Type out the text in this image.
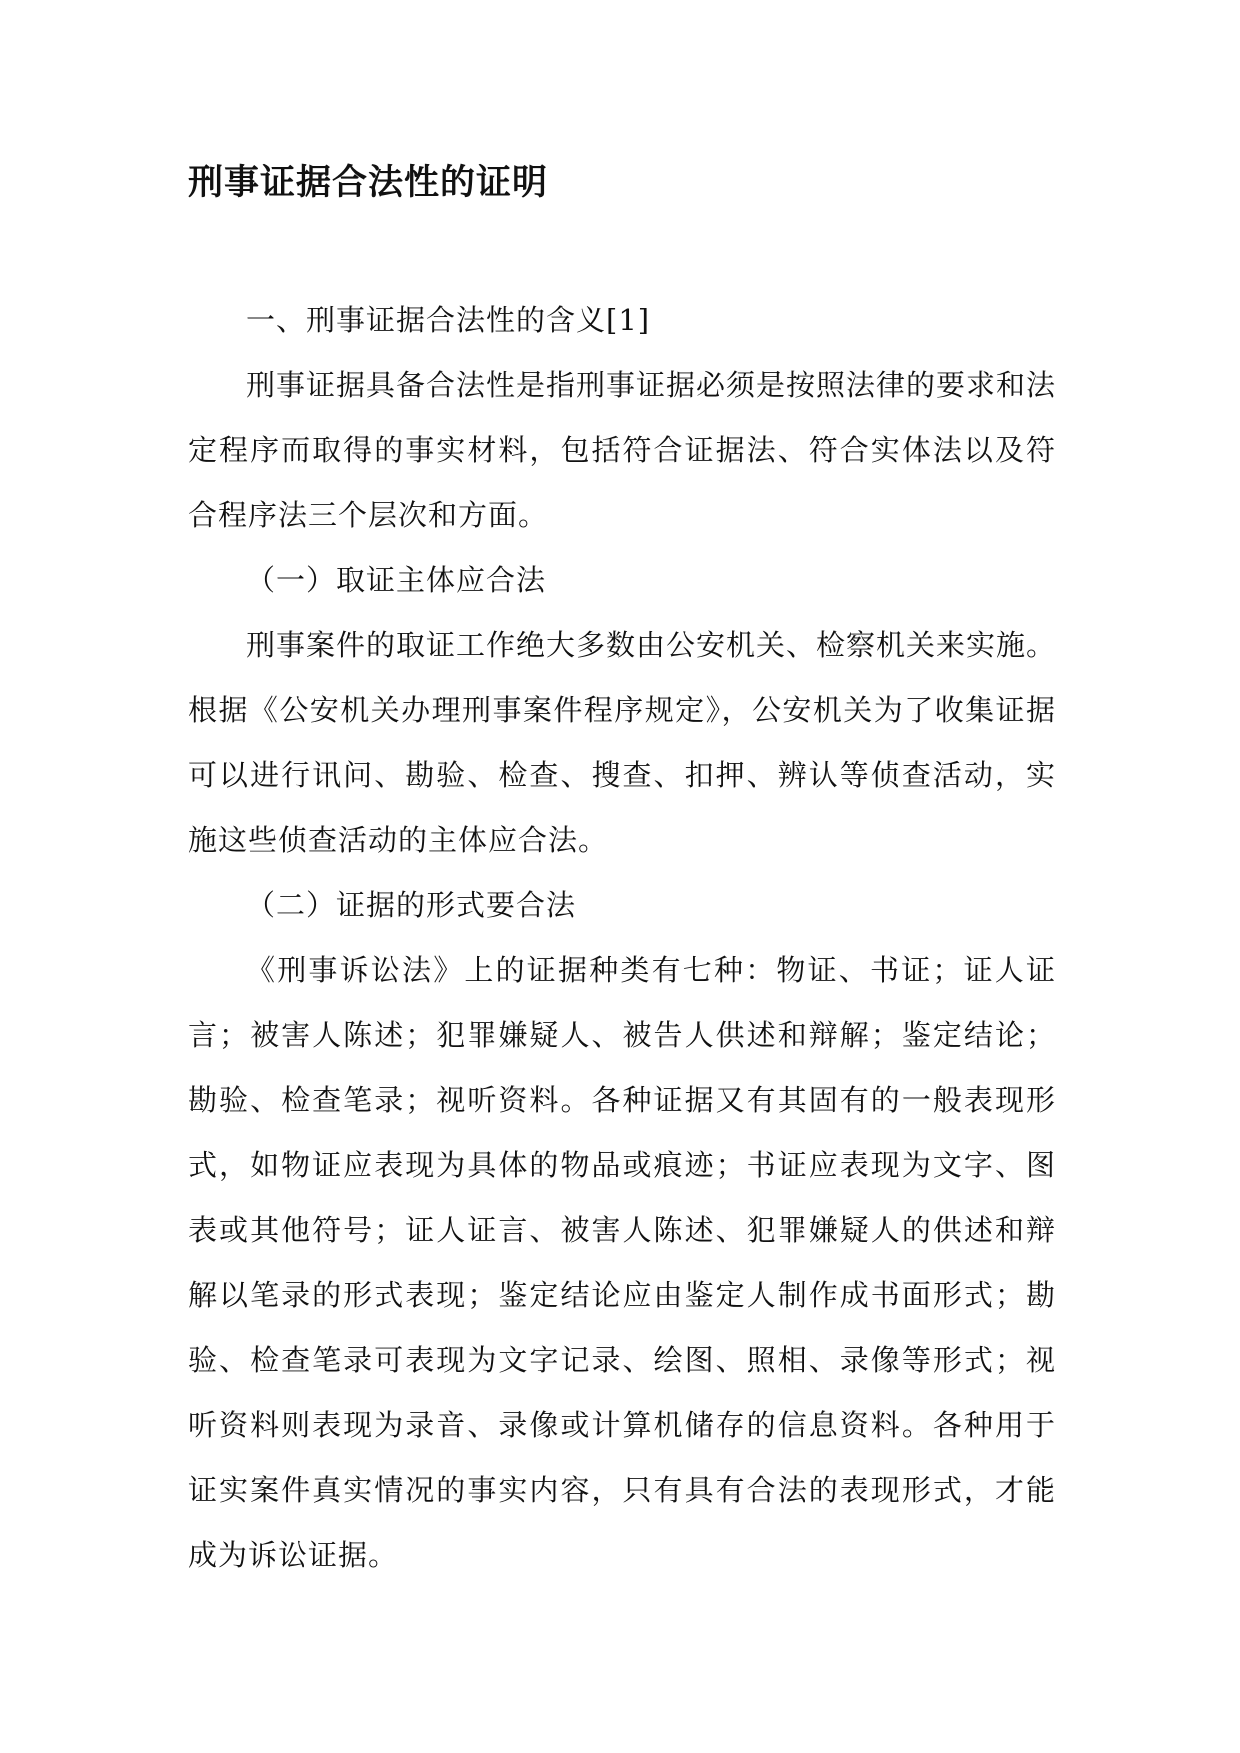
刑事证据合法性的证明

一、刑事证据合法性的含义[1]

刑事证据具备合法性是指刑事证据必须是按照法律的要求和法定程序而取得的事实材料，包括符合证据法、符合实体法以及符合程序法三个层次和方面。

（一）取证主体应合法

刑事案件的取证工作绝大多数由公安机关、检察机关来实施。根据《公安机关办理刑事案件程序规定》，公安机关为了收集证据可以进行讯问、勘验、检查、搜查、扣押、辨认等侦查活动，实施这些侦查活动的主体应合法。

（二）证据的形式要合法

《刑事诉讼法》上的证据种类有七种：物证、书证；证人证言；被害人陈述；犯罪嫌疑人、被告人供述和辩解；鉴定结论；勘验、检查笔录；视听资料。各种证据又有其固有的一般表现形式，如物证应表现为具体的物品或痕迹；书证应表现为文字、图表或其他符号；证人证言、被害人陈述、犯罪嫌疑人的供述和辩解以笔录的形式表现；鉴定结论应由鉴定人制作成书面形式；勘验、检查笔录可表现为文字记录、绘图、照相、录像等形式；视听资料则表现为录音、录像或计算机储存的信息资料。各种用于证实案件真实情况的事实内容，只有具有合法的表现形式，才能成为诉讼证据。
